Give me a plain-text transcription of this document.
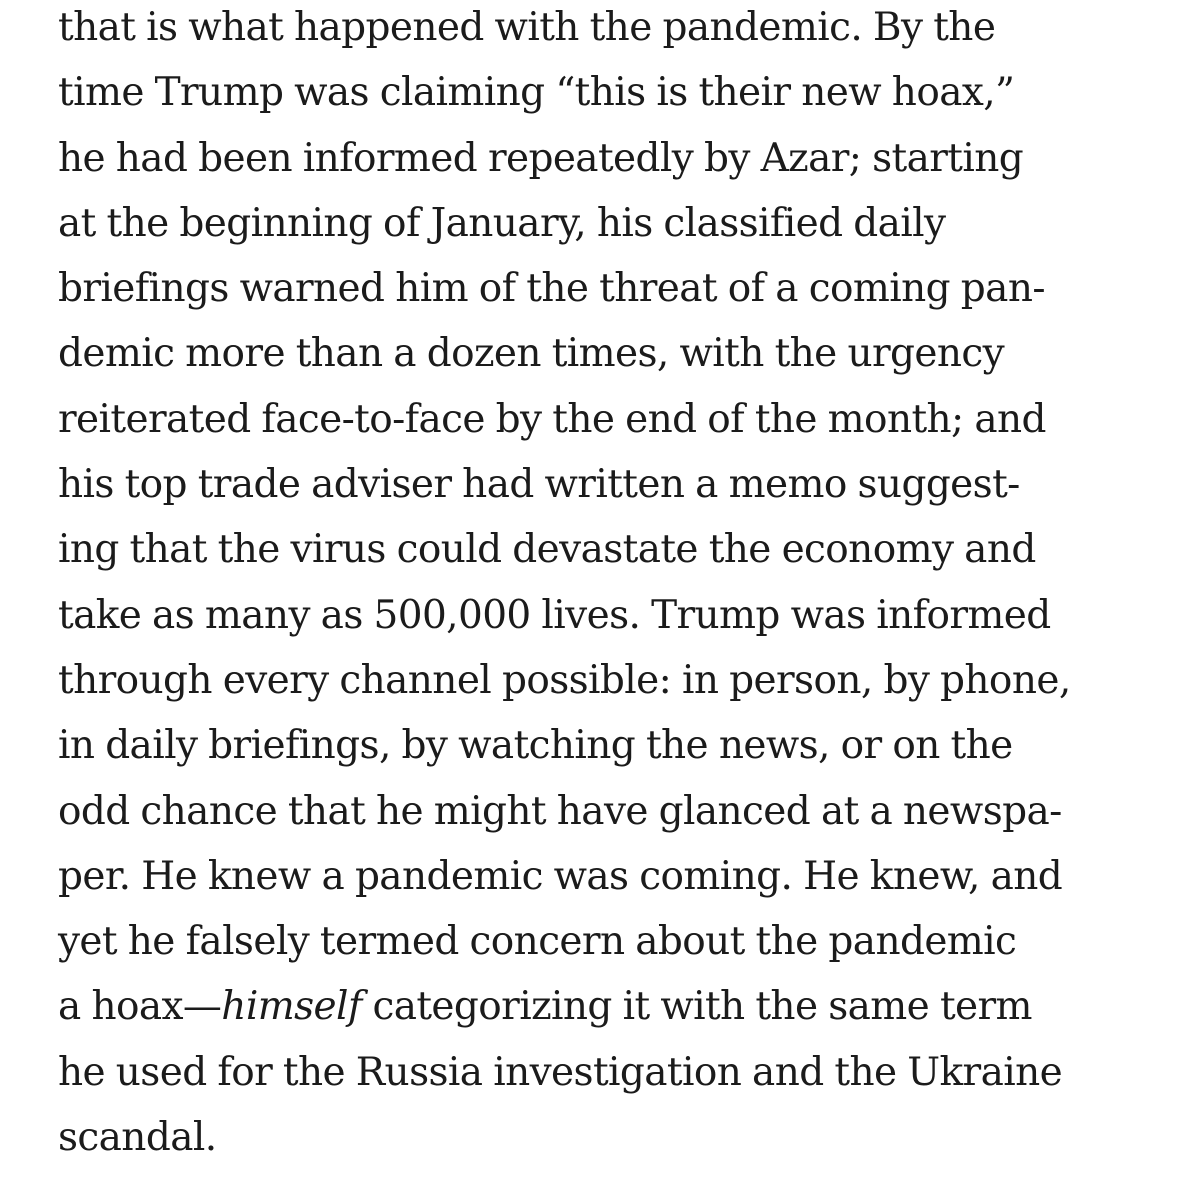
that is what happened with the pandemic. By the
time Trump was claiming “this is their new hoax,”
he had been informed repeatedly by Azar; starting
at the beginning of January, his classified daily
briefings warned him of the threat of a coming pan-
demic more than a dozen times, with the urgency
reiterated face-to-face by the end of the month; and
his top trade adviser had written a memo suggest-
ing that the virus could devastate the economy and
take as many as 500,000 lives. Trump was informed
through every channel possible: in person, by phone,
in daily briefings, by watching the news, or on the
odd chance that he might have glanced at a newspa-
per. He knew a pandemic was coming. He knew, and
yet he falsely termed concern about the pandemic
a hoax—himself categorizing it with the same term
he used for the Russia investigation and the Ukraine
scandal.
